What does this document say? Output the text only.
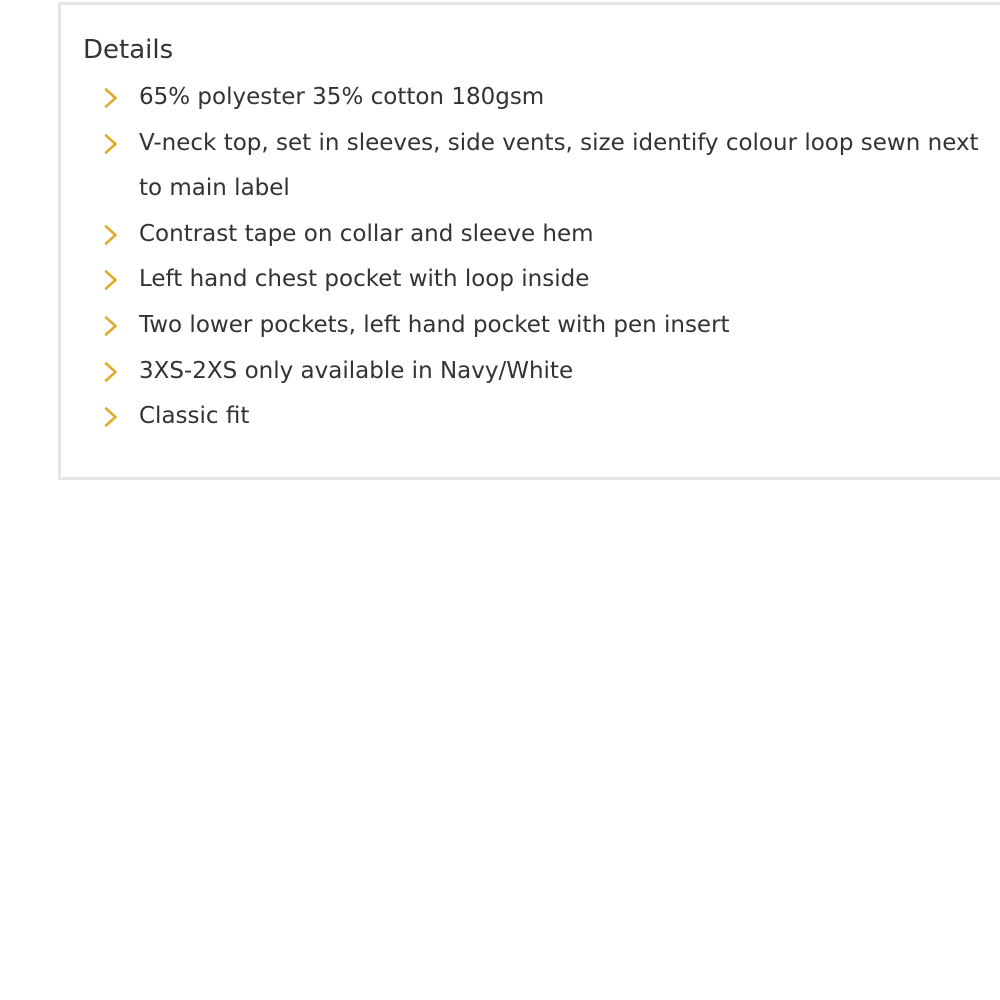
Details
65% polyester 35% cotton 180gsm
V-neck top, set in sleeves, side vents, size identify colour loop sewn next to main label
Contrast tape on collar and sleeve hem
Left hand chest pocket with loop inside
Two lower pockets, left hand pocket with pen insert
3XS-2XS only available in Navy/White
Classic fit
